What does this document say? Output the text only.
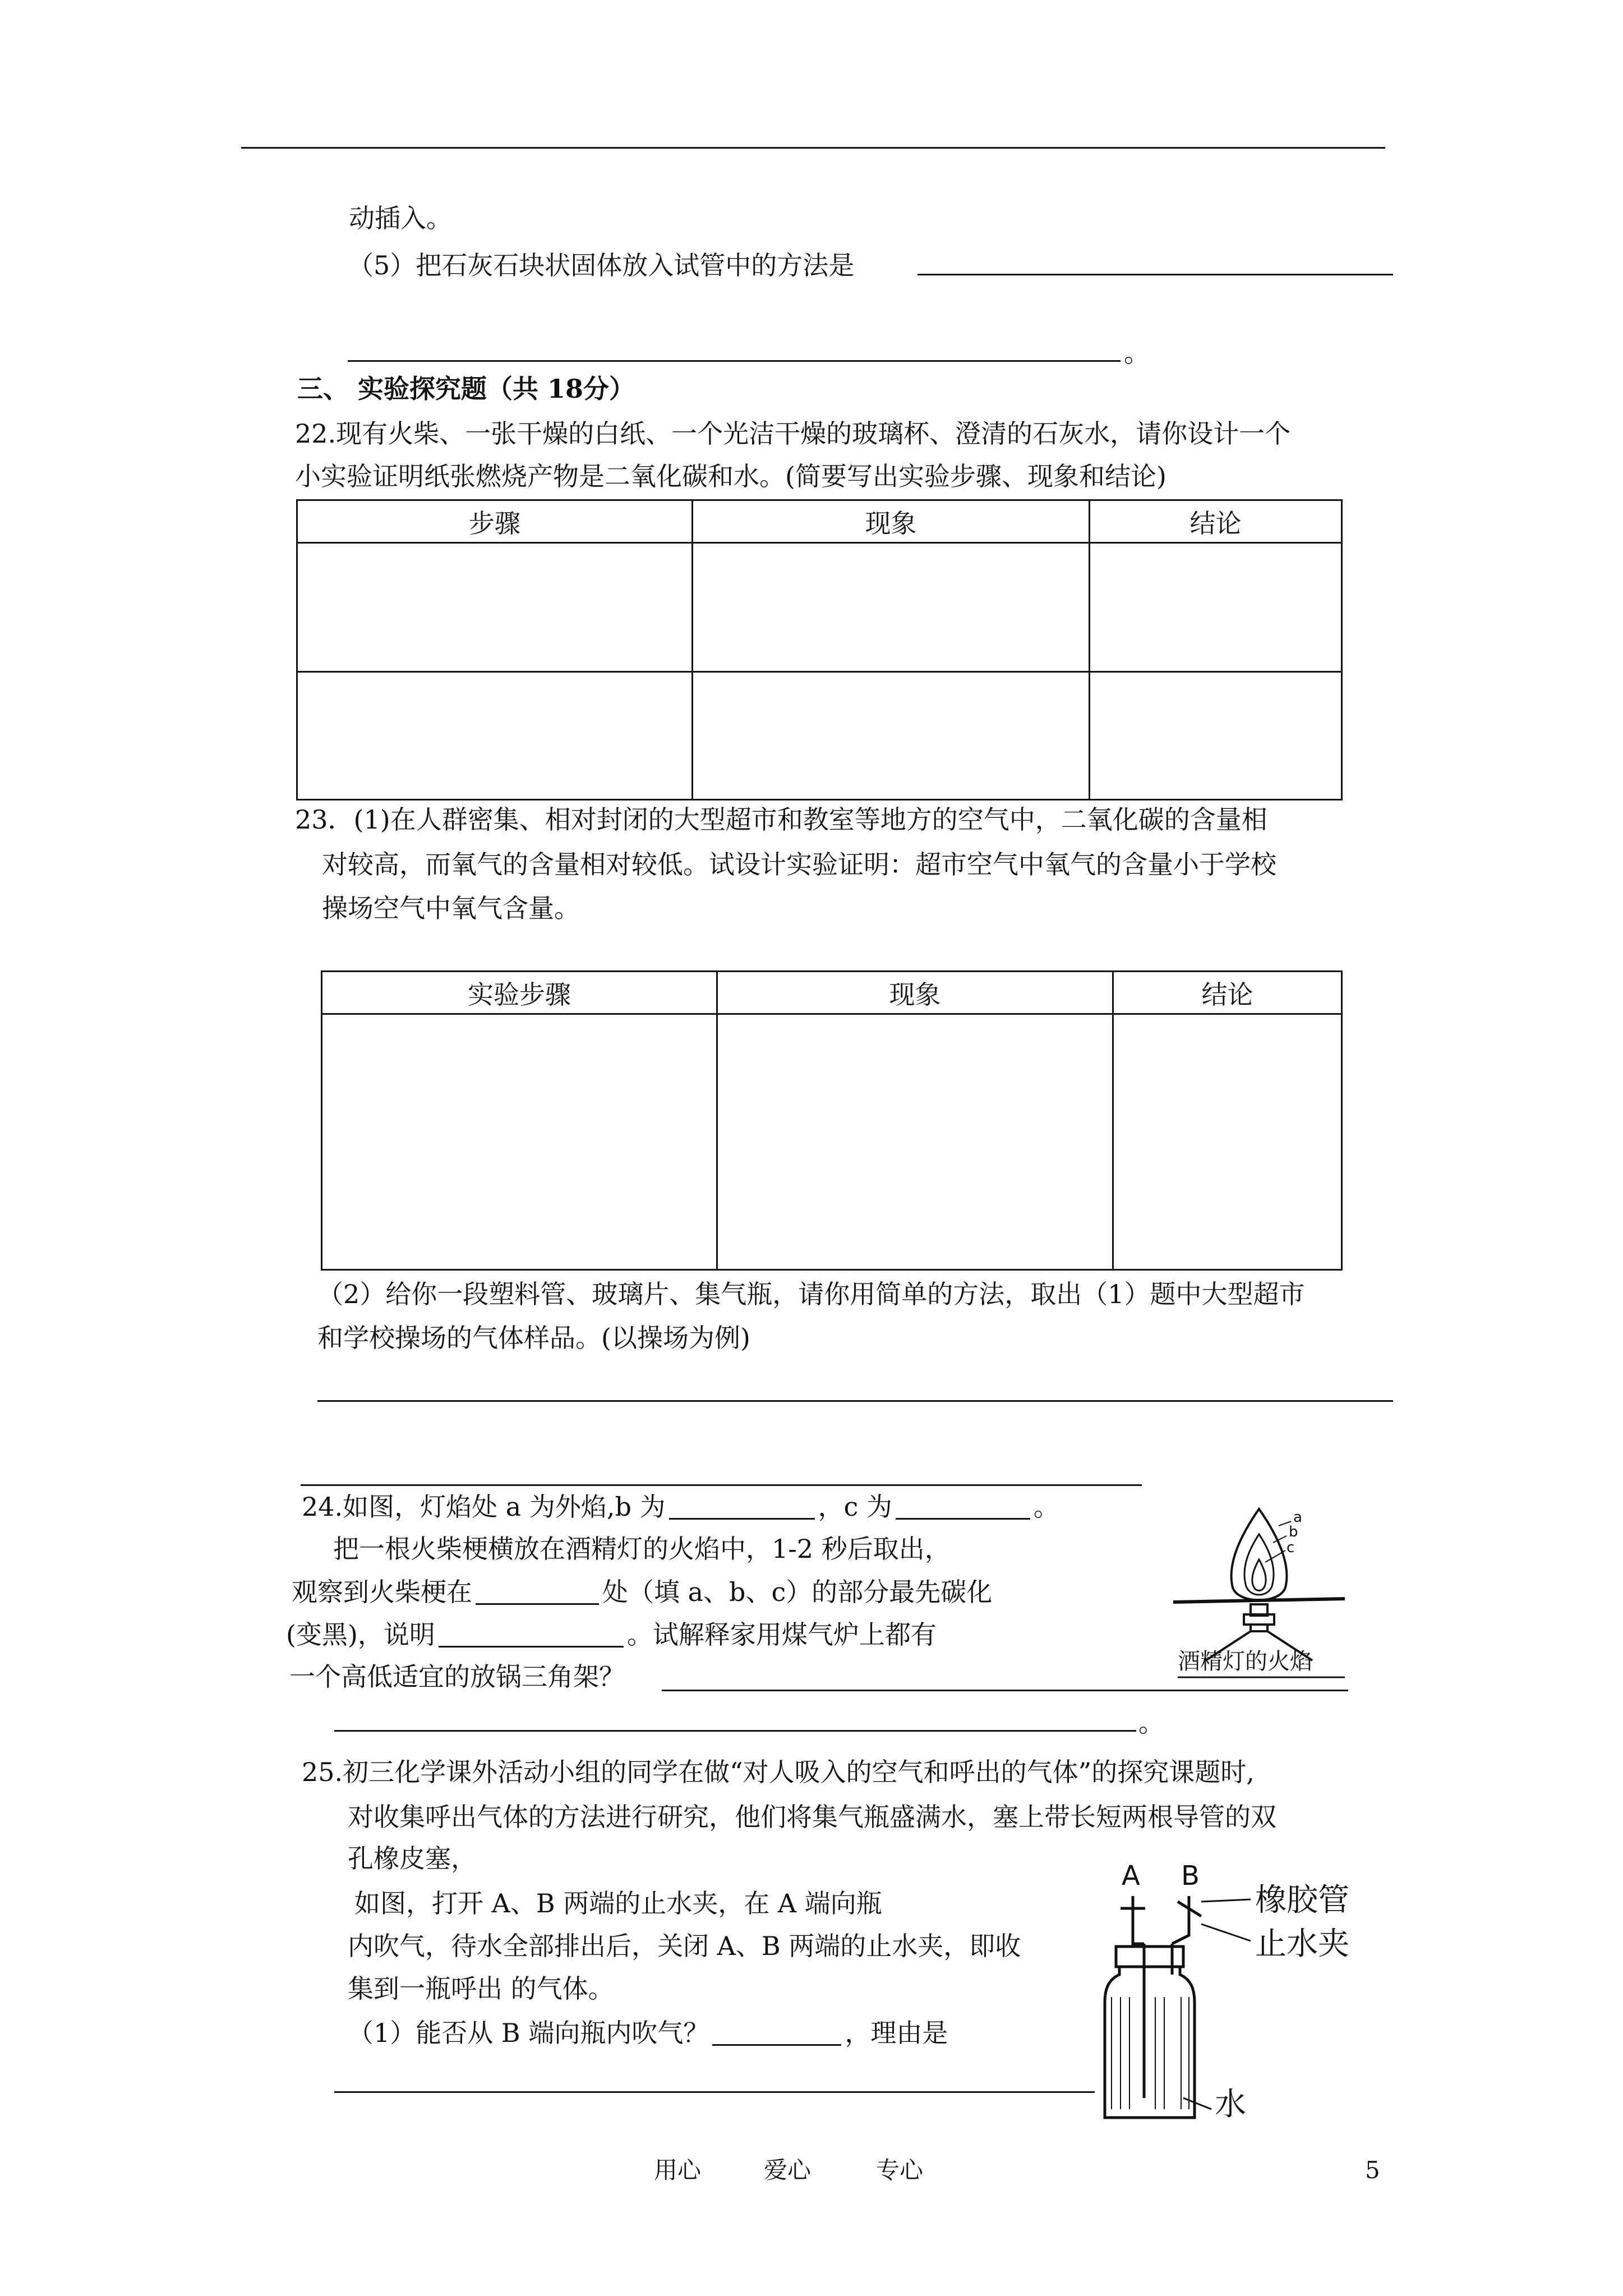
动插入。
（5）把石灰石块状固体放入试管中的方法是
。
三、 实验探究题（共 18分）
22.现有火柴、一张干燥的白纸、一个光洁干燥的玻璃杯、澄清的石灰水，请你设计一个
小实验证明纸张燃烧产物是二氧化碳和水。(简要写出实验步骤、现象和结论)
步骤	现象	结论

23．(1)在人群密集、相对封闭的大型超市和教室等地方的空气中，二氧化碳的含量相
对较高，而氧气的含量相对较低。试设计实验证明：超市空气中氧气的含量小于学校
操场空气中氧气含量。
实验步骤	现象	结论

（2）给你一段塑料管、玻璃片、集气瓶，请你用简单的方法，取出（1）题中大型超市
和学校操场的气体样品。(以操场为例)
24.如图，灯焰处 a 为外焰,b 为	，c 为	。
把一根火柴梗横放在酒精灯的火焰中，1-2 秒后取出，
观察到火柴梗在	处（填 a、b、c）的部分最先碳化
(变黑)，说明	。试解释家用煤气炉上都有
一个高低适宜的放锅三角架？
。
a
b
c
酒精灯的火焰
25.初三化学课外活动小组的同学在做“对人吸入的空气和呼出的气体”的探究课题时,
对收集呼出气体的方法进行研究，他们将集气瓶盛满水，塞上带长短两根导管的双
孔橡皮塞，
如图，打开 A、B 两端的止水夹，在 A 端向瓶
内吹气，待水全部排出后，关闭 A、B 两端的止水夹，即收
集到一瓶呼出 的气体。
（1）能否从 B 端向瓶内吹气？	，理由是
A B
橡胶管
止水夹
水
用心	爱心	专心	5
